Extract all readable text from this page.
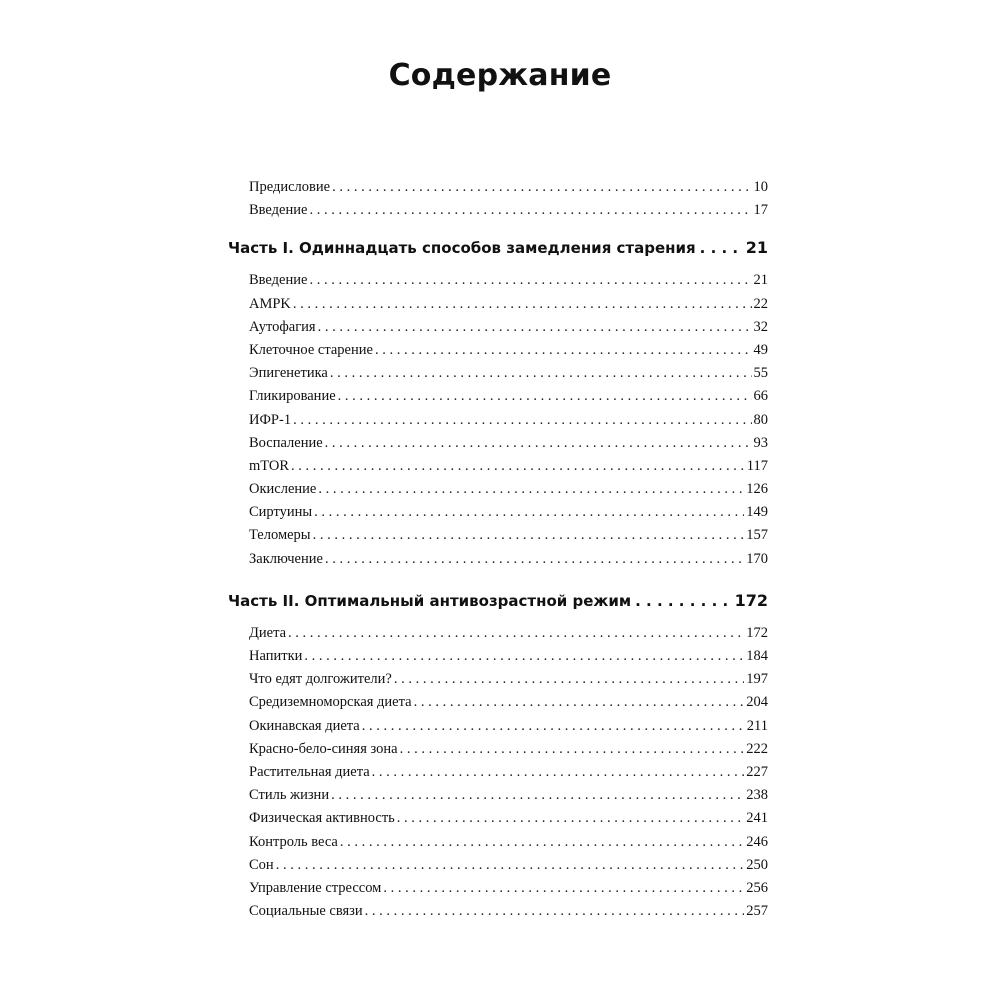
Содержание
Предисловие . . .	10
Введение . . .	17
Часть I. Одиннадцать способов замедления старения . . .	21
Введение . . .	21
AMPK . . .	22
Аутофагия . . .	32
Клеточное старение . . .	49
Эпигенетика . . .	55
Гликирование . . .	66
ИФР-1 . . .	80
Воспаление . . .	93
mTOR . . .	117
Окисление . . .	126
Сиртуины . . .	149
Теломеры . . .	157
Заключение . . .	170
Часть II. Оптимальный антивозрастной режим . . .	172
Диета . . .	172
Напитки . . .	184
Что едят долгожители? . . .	197
Средиземноморская диета . . .	204
Окинавская диета . . .	211
Красно-бело-синяя зона . . .	222
Растительная диета . . .	227
Стиль жизни . . .	238
Физическая активность . . .	241
Контроль веса . . .	246
Сон . . .	250
Управление стрессом . . .	256
Социальные связи . . .	257
